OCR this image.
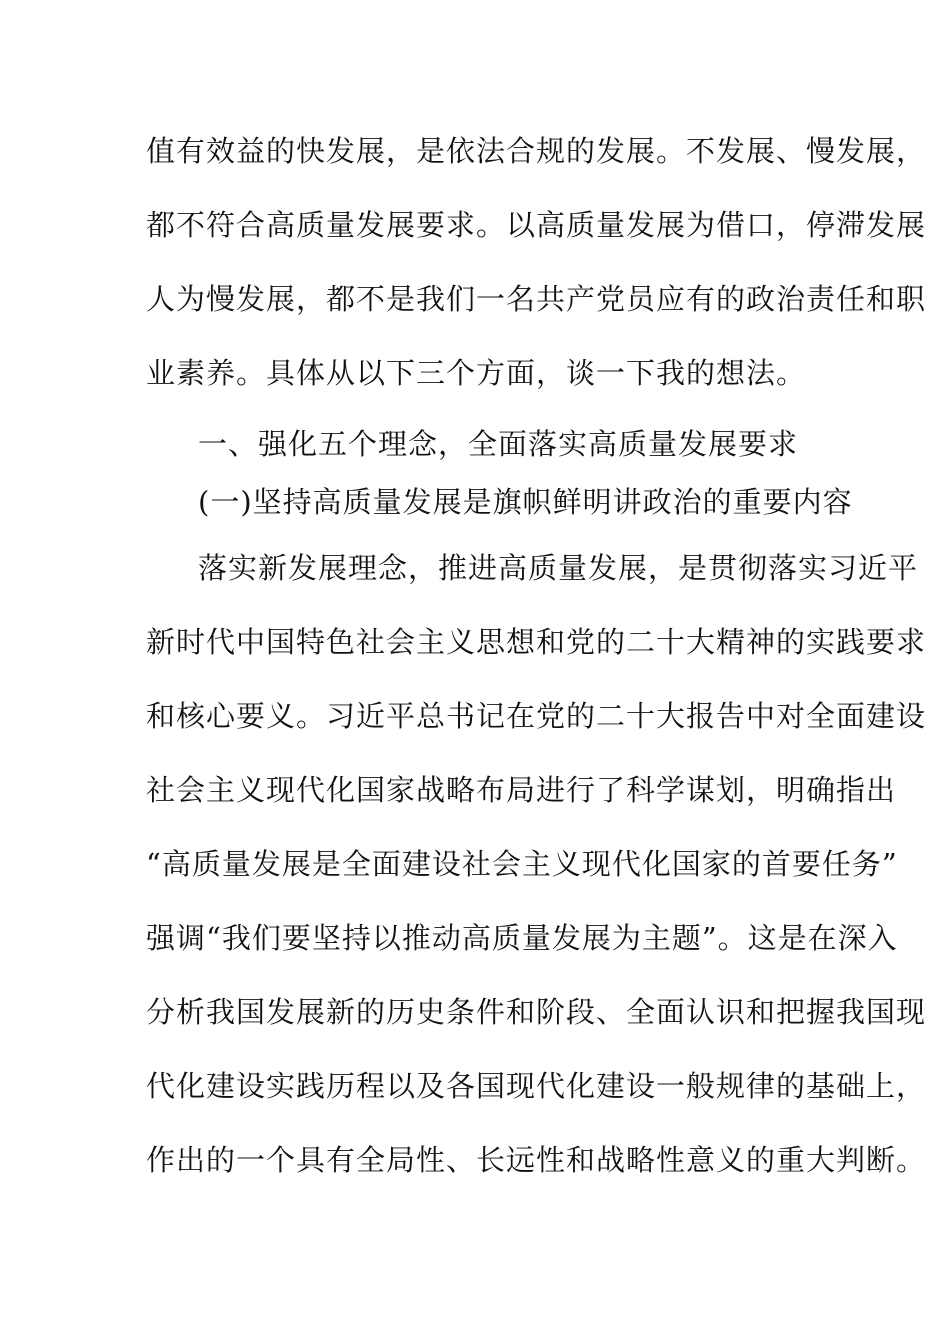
值有效益的快发展，是依法合规的发展。不发展、慢发展，
都不符合高质量发展要求。以高质量发展为借口，停滞发展
人为慢发展，都不是我们一名共产党员应有的政治责任和职
业素养。具体从以下三个方面，谈一下我的想法。
一、强化五个理念，全面落实高质量发展要求
(一)坚持高质量发展是旗帜鲜明讲政治的重要内容
落实新发展理念，推进高质量发展，是贯彻落实习近平
新时代中国特色社会主义思想和党的二十大精神的实践要求
和核心要义。习近平总书记在党的二十大报告中对全面建设
社会主义现代化国家战略布局进行了科学谋划，明确指出
“高质量发展是全面建设社会主义现代化国家的首要任务”
强调“我们要坚持以推动高质量发展为主题”。这是在深入
分析我国发展新的历史条件和阶段、全面认识和把握我国现
代化建设实践历程以及各国现代化建设一般规律的基础上，
作出的一个具有全局性、长远性和战略性意义的重大判断。
